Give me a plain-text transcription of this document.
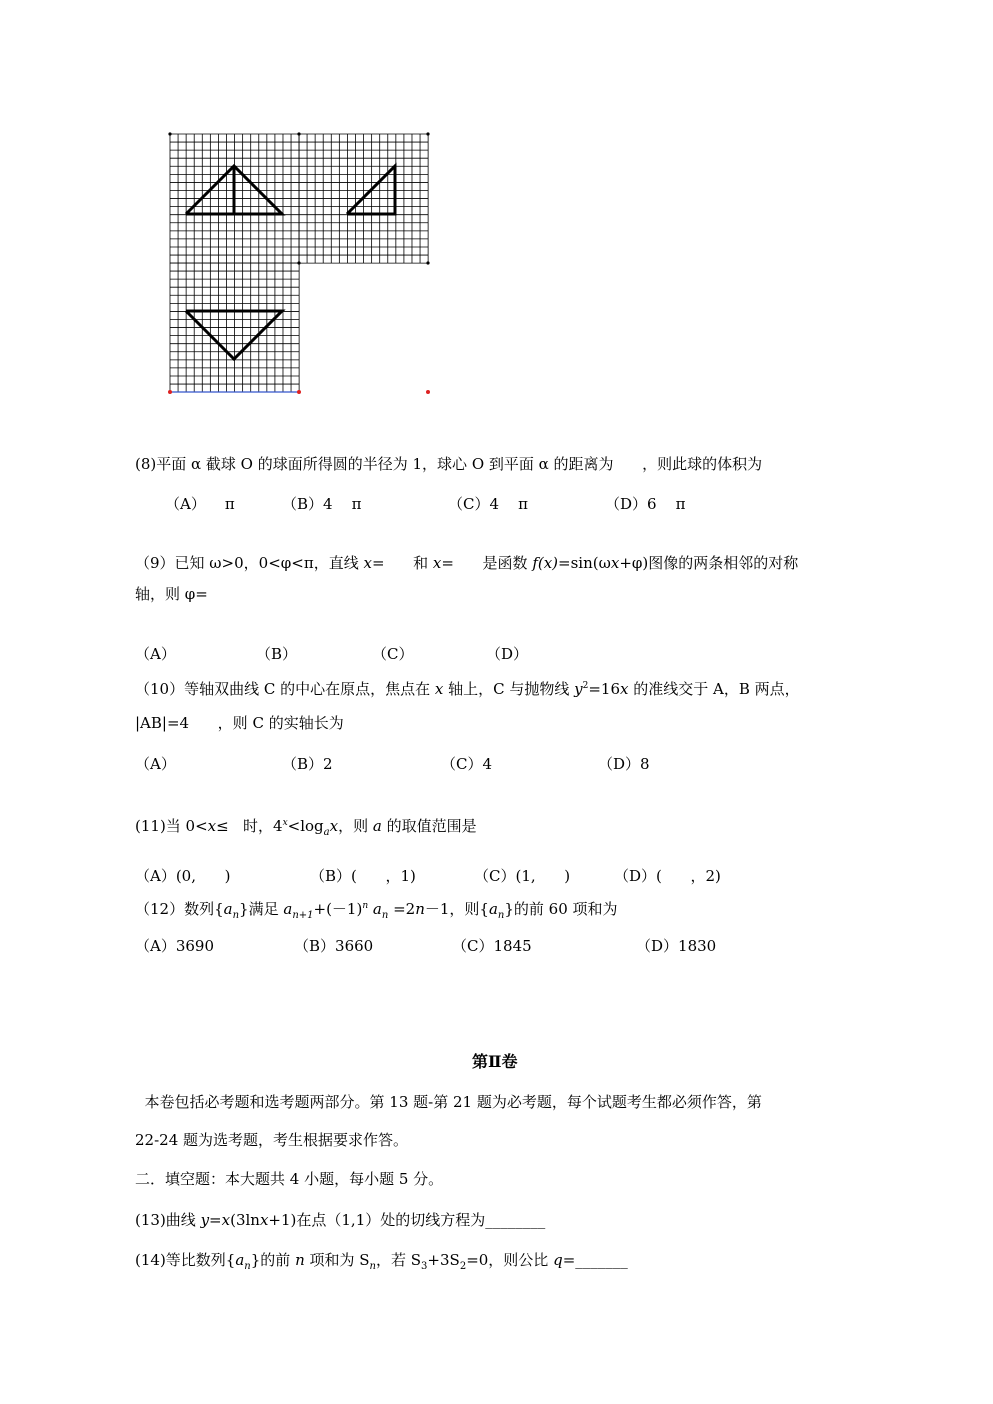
(8)平面 α 截球 O 的球面所得圆的半径为 1，球心 O 到平面 α 的距离为      ，则此球的体积为
（A）    π	（B）4    π	（C）4    π	（D）6    π
（9）已知 ω>0，0<φ<π，直线 x=      和 x=      是函数 f(x)=sin(ωx+φ)图像的两条相邻的对称
轴，则 φ=
（A）	（B）	（C）	（D）
（10）等轴双曲线 C 的中心在原点，焦点在 x 轴上，C 与抛物线 $y^2=16x$ 的准线交于 A，B 两点，
|AB|=4      ，则 C 的实轴长为
（A）	（B）2	（C）4	（D）8
(11)当 0<x≤   时，$4^x<\log_ax$，则 a 的取值范围是
（A）(0,      )	（B）(      ，1)	（C）(1,      )	（D）(      ，2)
（12）数列$\{a_n\}$满足 $a_{n+1}+(-1)^n$ $a_n =2n-1$，则$\{a_n\}$的前 60 项和为
（A）3690	（B）3660	（C）1845	（D）1830
第Ⅱ卷
本卷包括必考题和选考题两部分。第 13 题-第 21 题为必考题，每个试题考生都必须作答，第
22-24 题为选考题，考生根据要求作答。
二．填空题：本大题共 4 小题，每小题 5 分。
(13)曲线 y=x(3lnx+1)在点（1,1）处的切线方程为________
(14)等比数列$\{a_n\}$的前 n 项和为 $S_n$，若 $S_3+3S_2=0$，则公比 q=_______
